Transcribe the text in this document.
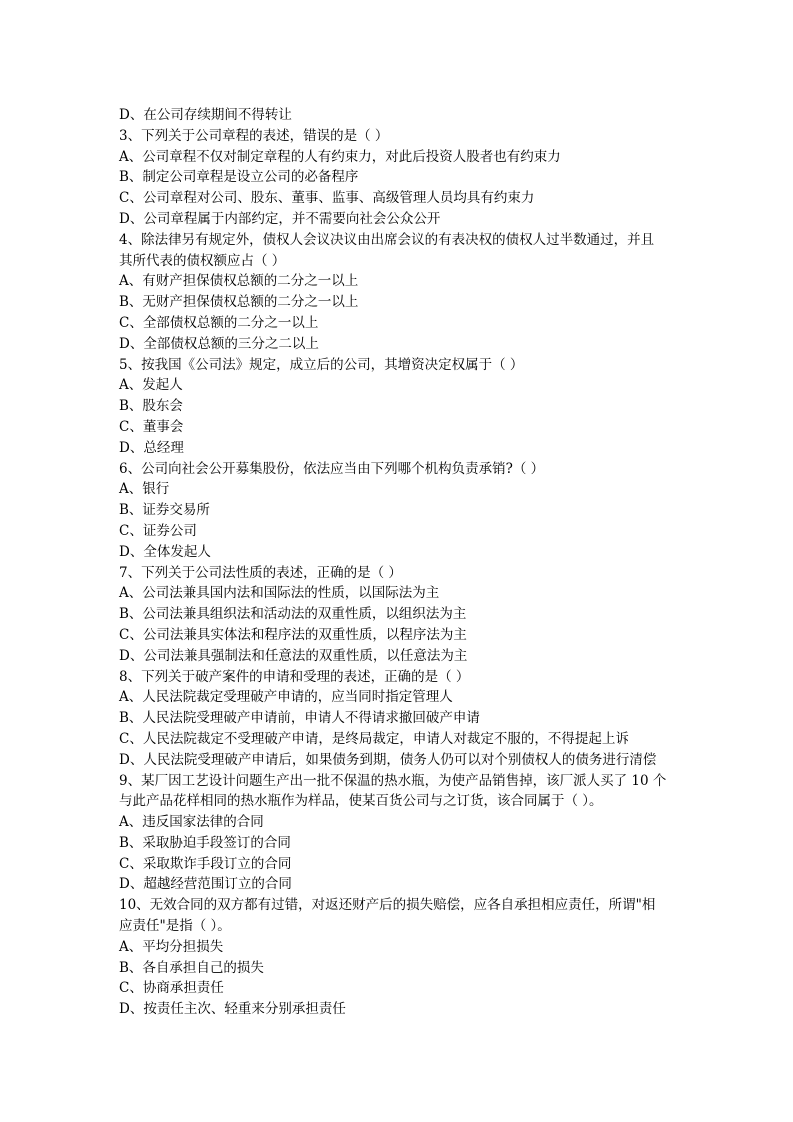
D、在公司存续期间不得转让
3、下列关于公司章程的表述，错误的是（ ）
A、公司章程不仅对制定章程的人有约束力，对此后投资人股者也有约束力
B、制定公司章程是设立公司的必备程序
C、公司章程对公司、股东、董事、监事、高级管理人员均具有约束力
D、公司章程属于内部约定，并不需要向社会公众公开
4、除法律另有规定外，债权人会议决议由出席会议的有表决权的债权人过半数通过，并且
其所代表的债权额应占（ ）
A、有财产担保债权总额的二分之一以上
B、无财产担保债权总额的二分之一以上
C、全部债权总额的二分之一以上
D、全部债权总额的三分之二以上
5、按我国《公司法》规定，成立后的公司，其增资决定权属于（ ）
A、发起人
B、股东会
C、董事会
D、总经理
6、公司向社会公开募集股份，依法应当由下列哪个机构负责承销?（ ）
A、银行
B、证券交易所
C、证券公司
D、全体发起人
7、下列关于公司法性质的表述，正确的是（ ）
A、公司法兼具国内法和国际法的性质，以国际法为主
B、公司法兼具组织法和活动法的双重性质，以组织法为主
C、公司法兼具实体法和程序法的双重性质，以程序法为主
D、公司法兼具强制法和任意法的双重性质，以任意法为主
8、下列关于破产案件的申请和受理的表述，正确的是（ ）
A、人民法院裁定受理破产申请的，应当同时指定管理人
B、人民法院受理破产申请前，申请人不得请求撤回破产申请
C、人民法院裁定不受理破产申请，是终局裁定，申请人对裁定不服的，不得提起上诉
D、人民法院受理破产申请后，如果债务到期，债务人仍可以对个别债权人的债务进行清偿
9、某厂因工艺设计问题生产出一批不保温的热水瓶，为使产品销售掉，该厂派人买了 10 个
与此产品花样相同的热水瓶作为样品，使某百货公司与之订货，该合同属于（ ）。
A、违反国家法律的合同
B、采取胁迫手段签订的合同
C、采取欺诈手段订立的合同
D、超越经营范围订立的合同
10、无效合同的双方都有过错，对返还财产后的损失赔偿，应各自承担相应责任，所谓"相
应责任"是指（ ）。
A、平均分担损失
B、各自承担自己的损失
C、协商承担责任
D、按责任主次、轻重来分别承担责任
